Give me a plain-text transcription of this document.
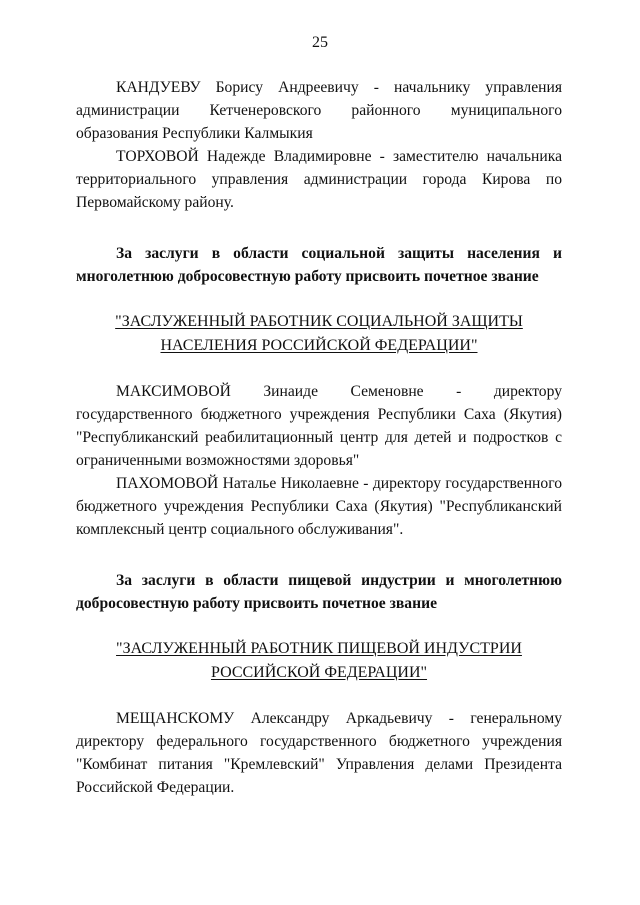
25

КАНДУЕВУ Борису Андреевичу - начальнику управления администрации Кетченеровского районного муниципального образования Республики Калмыкия

ТОРХОВОЙ Надежде Владимировне - заместителю начальника территориального управления администрации города Кирова по Первомайскому району.

За заслуги в области социальной защиты населения и многолетнюю добросовестную работу присвоить почетное звание

"ЗАСЛУЖЕННЫЙ РАБОТНИК СОЦИАЛЬНОЙ ЗАЩИТЫ

НАСЕЛЕНИЯ РОССИЙСКОЙ ФЕДЕРАЦИИ"

МАКСИМОВОЙ Зинаиде Семеновне - директору государственного бюджетного учреждения Республики Саха (Якутия) "Республиканский реабилитационный центр для детей и подростков с ограниченными возможностями здоровья"

ПАХОМОВОЙ Наталье Николаевне - директору государственного бюджетного учреждения Республики Саха (Якутия) "Республиканский комплексный центр социального обслуживания".

За заслуги в области пищевой индустрии и многолетнюю добросовестную работу присвоить почетное звание

"ЗАСЛУЖЕННЫЙ РАБОТНИК ПИЩЕВОЙ ИНДУСТРИИ

РОССИЙСКОЙ ФЕДЕРАЦИИ"

МЕЩАНСКОМУ Александру Аркадьевичу - генеральному директору федерального государственного бюджетного учреждения "Комбинат питания "Кремлевский" Управления делами Президента Российской Федерации.
